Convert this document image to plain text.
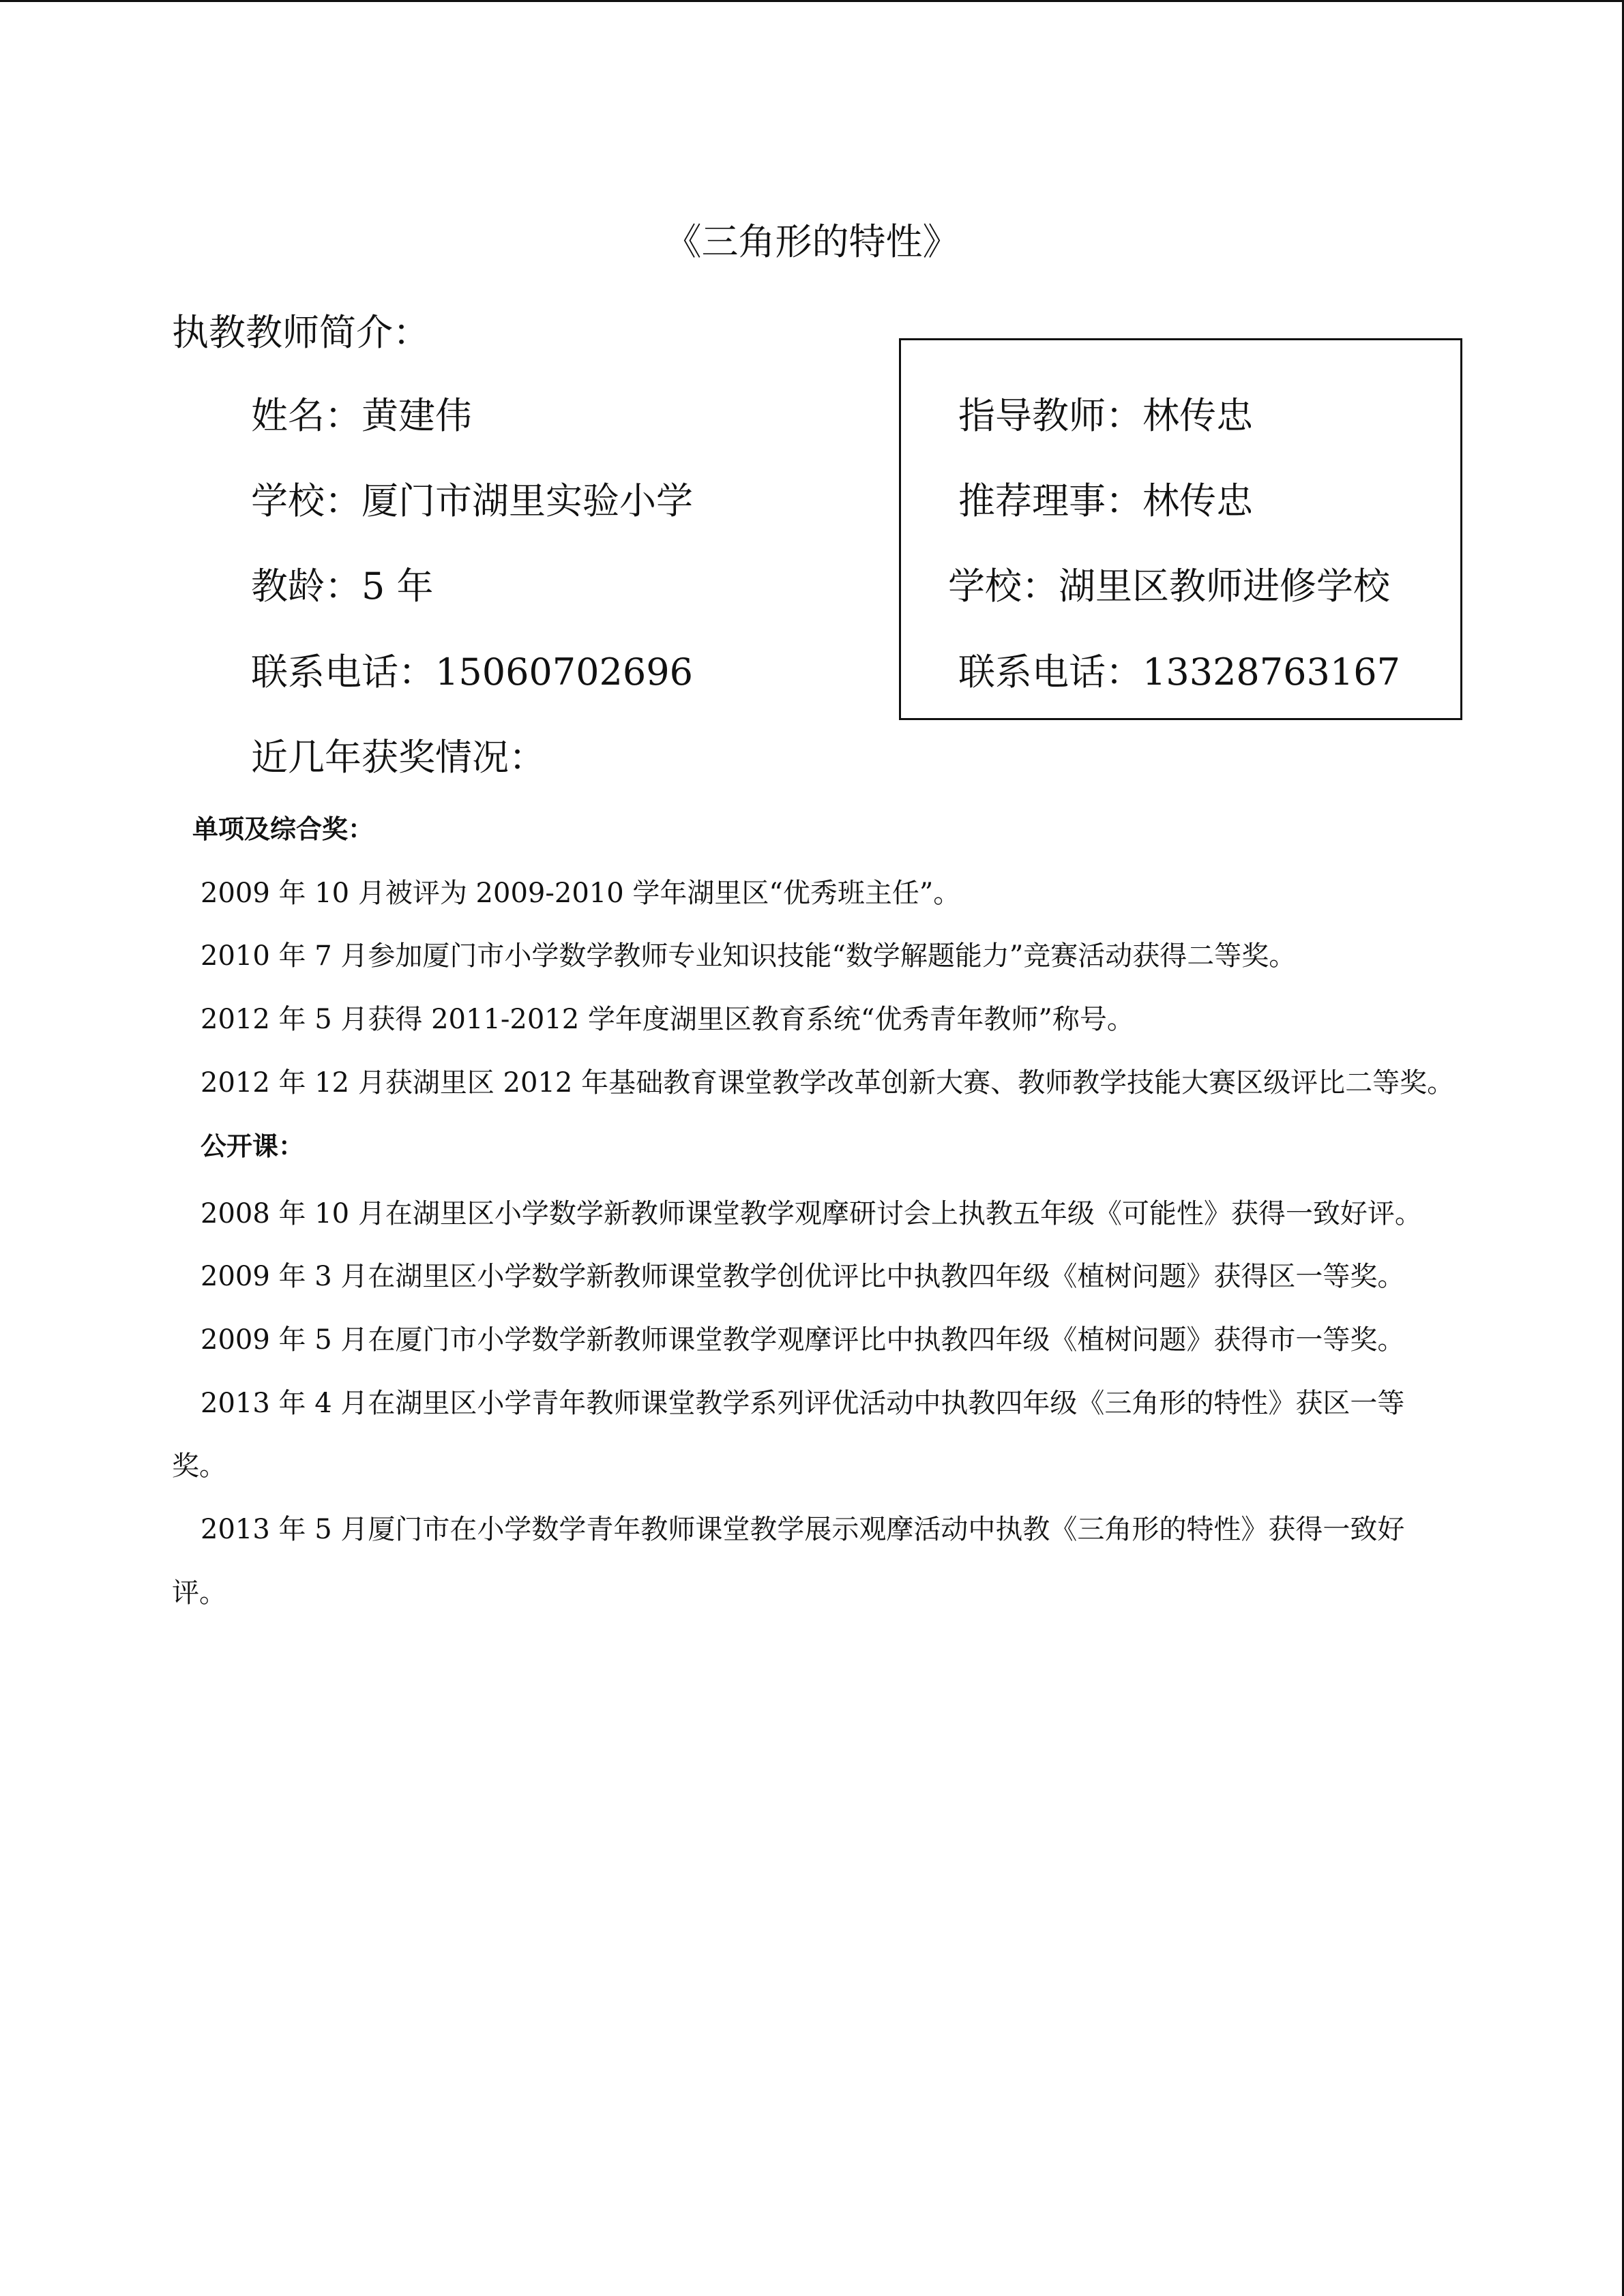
《三角形的特性》
执教教师简介：
姓名：黄建伟
学校：厦门市湖里实验小学
教龄：5 年
联系电话：15060702696
近几年获奖情况：
指导教师：林传忠
推荐理事：林传忠
学校：湖里区教师进修学校
联系电话：13328763167
单项及综合奖：
2009 年 10 月被评为 2009-2010 学年湖里区“优秀班主任”。
2010 年 7 月参加厦门市小学数学教师专业知识技能“数学解题能力”竞赛活动获得二等奖。
2012 年 5 月获得 2011-2012 学年度湖里区教育系统“优秀青年教师”称号。
2012 年 12 月获湖里区 2012 年基础教育课堂教学改革创新大赛、教师教学技能大赛区级评比二等奖。
公开课：
2008 年 10 月在湖里区小学数学新教师课堂教学观摩研讨会上执教五年级《可能性》获得一致好评。
2009 年 3 月在湖里区小学数学新教师课堂教学创优评比中执教四年级《植树问题》获得区一等奖。
2009 年 5 月在厦门市小学数学新教师课堂教学观摩评比中执教四年级《植树问题》获得市一等奖。
2013 年 4 月在湖里区小学青年教师课堂教学系列评优活动中执教四年级《三角形的特性》获区一等
奖。
2013 年 5 月厦门市在小学数学青年教师课堂教学展示观摩活动中执教《三角形的特性》获得一致好
评。
